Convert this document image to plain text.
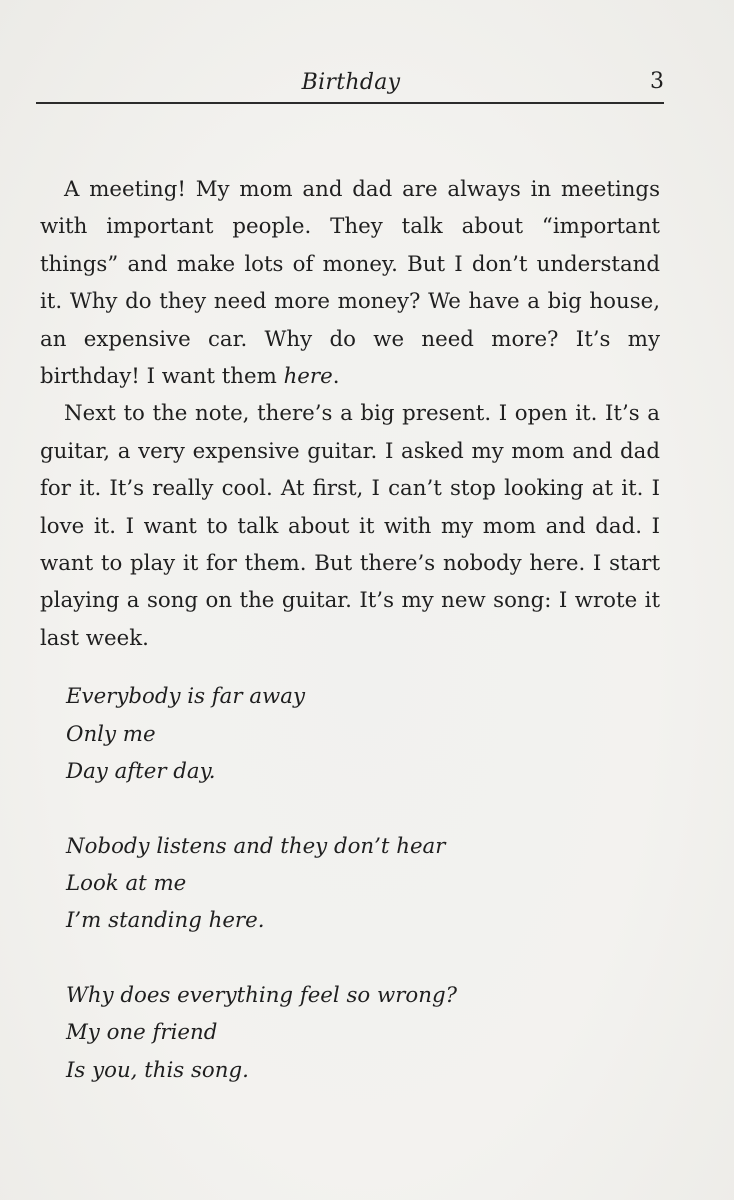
Birthday	3

A meeting! My mom and dad are always in meetings with important people. They talk about “important things” and make lots of money. But I don’t understand it. Why do they need more money? We have a big house, an expensive car. Why do we need more? It’s my birthday! I want them here.

Next to the note, there’s a big present. I open it. It’s a guitar, a very expensive guitar. I asked my mom and dad for it. It’s really cool. At first, I can’t stop looking at it. I love it. I want to talk about it with my mom and dad. I want to play it for them. But there’s nobody here. I start playing a song on the guitar. It’s my new song: I wrote it last week.

Everybody is far away
Only me
Day after day.
Nobody listens and they don’t hear
Look at me
I’m standing here.
Why does everything feel so wrong?
My one friend
Is you, this song.
